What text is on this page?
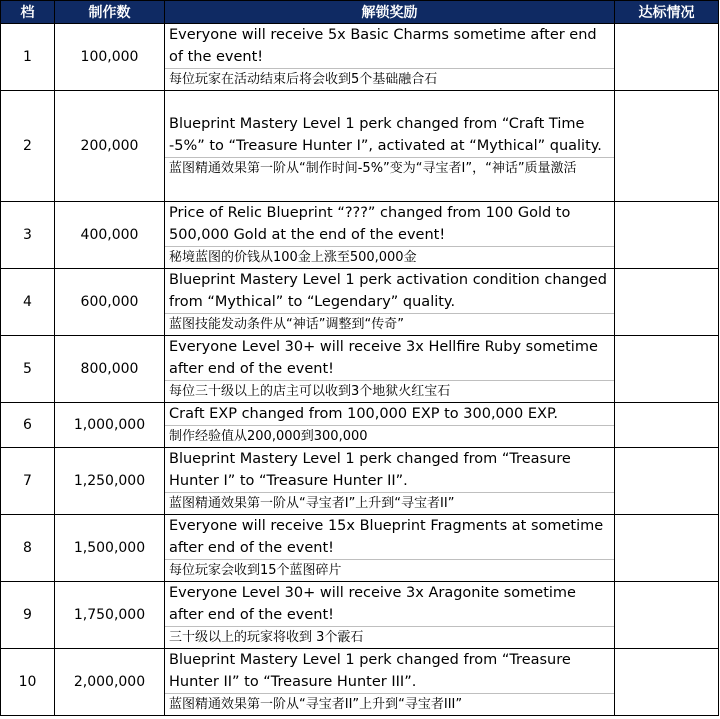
档	制作数	解锁奖励	达标情况
1	100,000	Everyone will receive 5x Basic Charms sometime after end of the event!
每位玩家在活动结束后将会收到5个基础融合石	

2	200,000	Blueprint Mastery Level 1 perk changed from “Craft Time -5%” to “Treasure Hunter I”, activated at “Mythical” quality.
蓝图精通效果第一阶从“制作时间-5%”变为“寻宝者I”，“神话”质量激活	

3	400,000	Price of Relic Blueprint “???” changed from 100 Gold to 500,000 Gold at the end of the event!
秘境蓝图的价钱从100金上涨至500,000金	

4	600,000	Blueprint Mastery Level 1 perk activation condition changed from “Mythical” to “Legendary” quality.
蓝图技能发动条件从“神话”调整到“传奇”	

5	800,000	Everyone Level 30+ will receive 3x Hellfire Ruby sometime after end of the event!
每位三十级以上的店主可以收到3个地狱火红宝石	

6	1,000,000	Craft EXP changed from 100,000 EXP to 300,000 EXP.
制作经验值从200,000到300,000	

7	1,250,000	Blueprint Mastery Level 1 perk changed from “Treasure Hunter I” to “Treasure Hunter II”.
蓝图精通效果第一阶从“寻宝者I”上升到“寻宝者II”	

8	1,500,000	Everyone will receive 15x Blueprint Fragments at sometime after end of the event!
每位玩家会收到15个蓝图碎片	

9	1,750,000	Everyone Level 30+ will receive 3x Aragonite sometime after end of the event!
三十级以上的玩家将收到 3个霰石	

10	2,000,000	Blueprint Mastery Level 1 perk changed from “Treasure Hunter II” to “Treasure Hunter III”.
蓝图精通效果第一阶从“寻宝者II”上升到“寻宝者III”	
